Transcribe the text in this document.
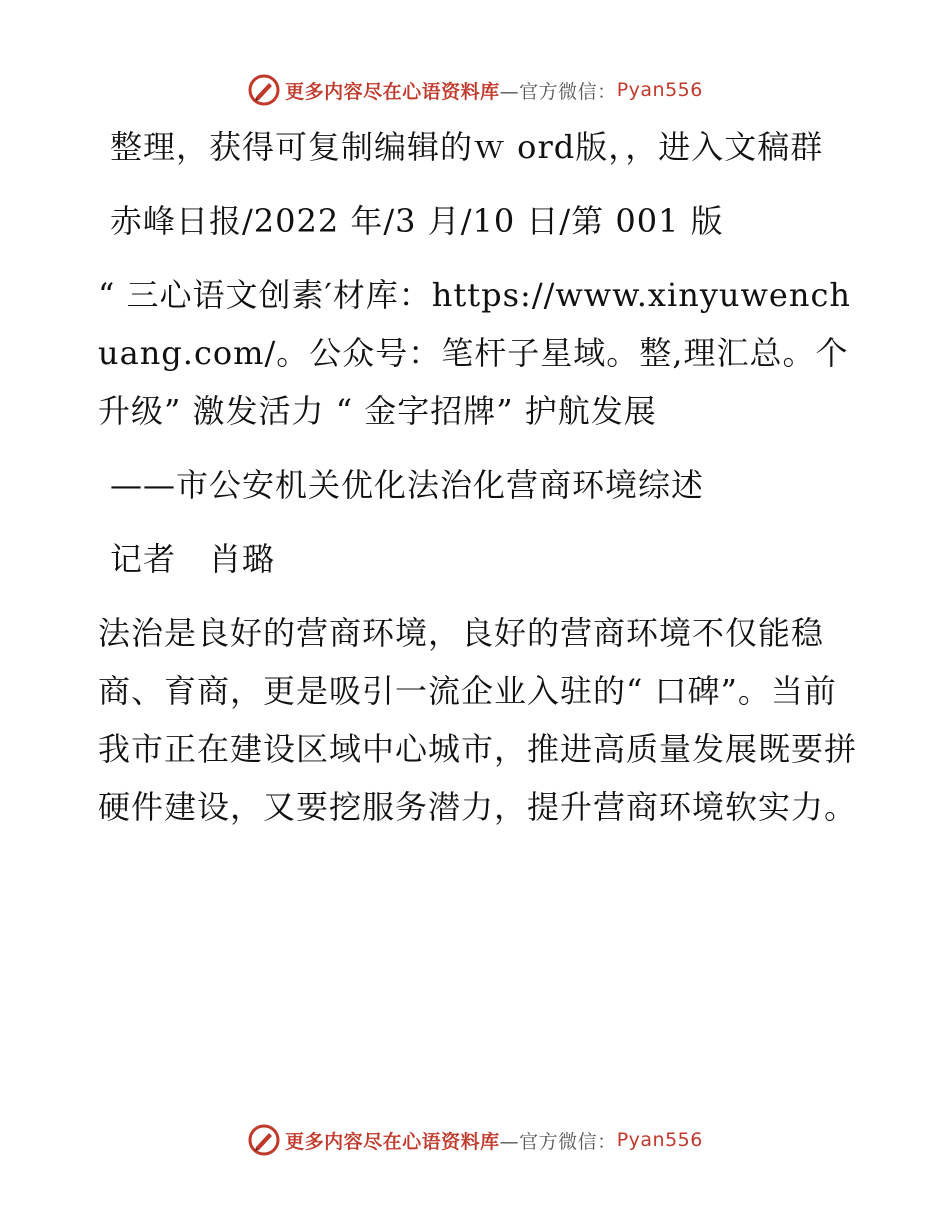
更多内容尽在心语资料库 —官方微信： Pyan556

整理，获得可复制编辑的ｗ ord版，，进入文稿群

赤峰日报/2022 年/3 月/10 日/第 001 版

“ 三心语文创素′材库：https://www.xinyuwenchuang.com/。公众号：笔杆子星域。整,理汇总。个升级” 激发活力 “ 金字招牌” 护航发展

——市公安机关优化法治化营商环境综述

记者　肖璐

法治是良好的营商环境，良好的营商环境不仅能稳商、育商，更是吸引一流企业入驻的“ 口碑”。当前我市正在建设区域中心城市，推进高质量发展既要拼硬件建设，又要挖服务潜力，提升营商环境软实力。

更多内容尽在心语资料库 —官方微信： Pyan556
